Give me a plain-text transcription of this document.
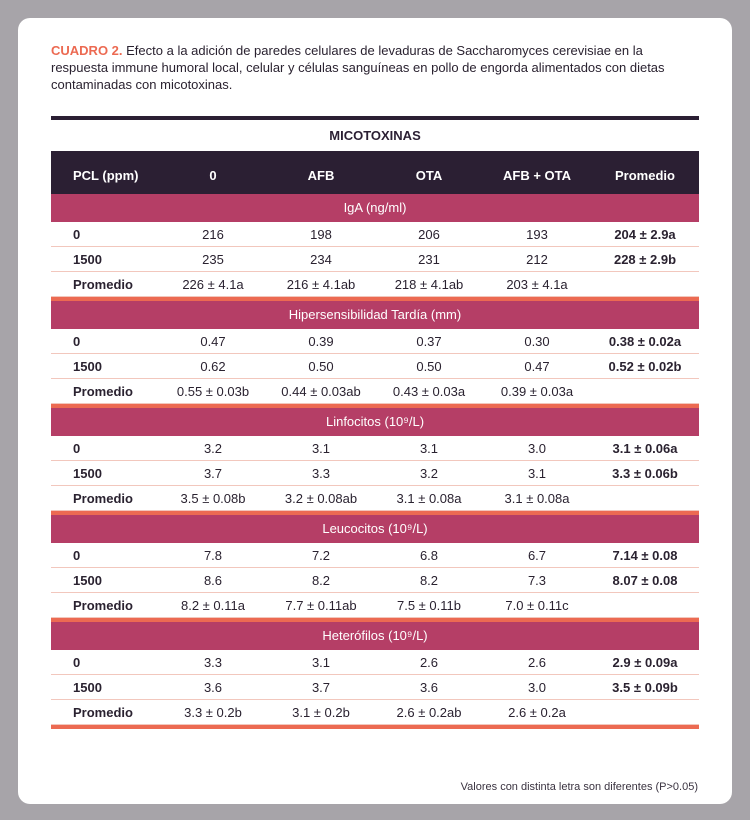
CUADRO 2. Efecto a la adición de paredes celulares de levaduras de Saccharomyces cerevisiae en la respuesta immune humoral local, celular y células sanguíneas en pollo de engorda alimentados con dietas contaminadas con micotoxinas.

MICOTOXINAS
PCL (ppm)	0	AFB	OTA	AFB + OTA	Promedio
IgA (ng/ml)
0	216	198	206	193	204 ± 2.9a
1500	235	234	231	212	228 ± 2.9b
Promedio	226 ± 4.1a	216 ± 4.1ab	218 ± 4.1ab	203 ± 4.1a
Hipersensibilidad Tardía (mm)
0	0.47	0.39	0.37	0.30	0.38 ± 0.02a
1500	0.62	0.50	0.50	0.47	0.52 ± 0.02b
Promedio	0.55 ± 0.03b	0.44 ± 0.03ab	0.43 ± 0.03a	0.39 ± 0.03a
Linfocitos (10⁹/L)
0	3.2	3.1	3.1	3.0	3.1 ± 0.06a
1500	3.7	3.3	3.2	3.1	3.3 ± 0.06b
Promedio	3.5 ± 0.08b	3.2 ± 0.08ab	3.1 ± 0.08a	3.1 ± 0.08a
Leucocitos (10⁹/L)
0	7.8	7.2	6.8	6.7	7.14 ± 0.08
1500	8.6	8.2	8.2	7.3	8.07 ± 0.08
Promedio	8.2 ± 0.11a	7.7 ± 0.11ab	7.5 ± 0.11b	7.0 ± 0.11c
Heterófilos (10⁹/L)
0	3.3	3.1	2.6	2.6	2.9 ± 0.09a
1500	3.6	3.7	3.6	3.0	3.5 ± 0.09b
Promedio	3.3 ± 0.2b	3.1 ± 0.2b	2.6 ± 0.2ab	2.6 ± 0.2a
Valores con distinta letra son diferentes (P>0.05)
